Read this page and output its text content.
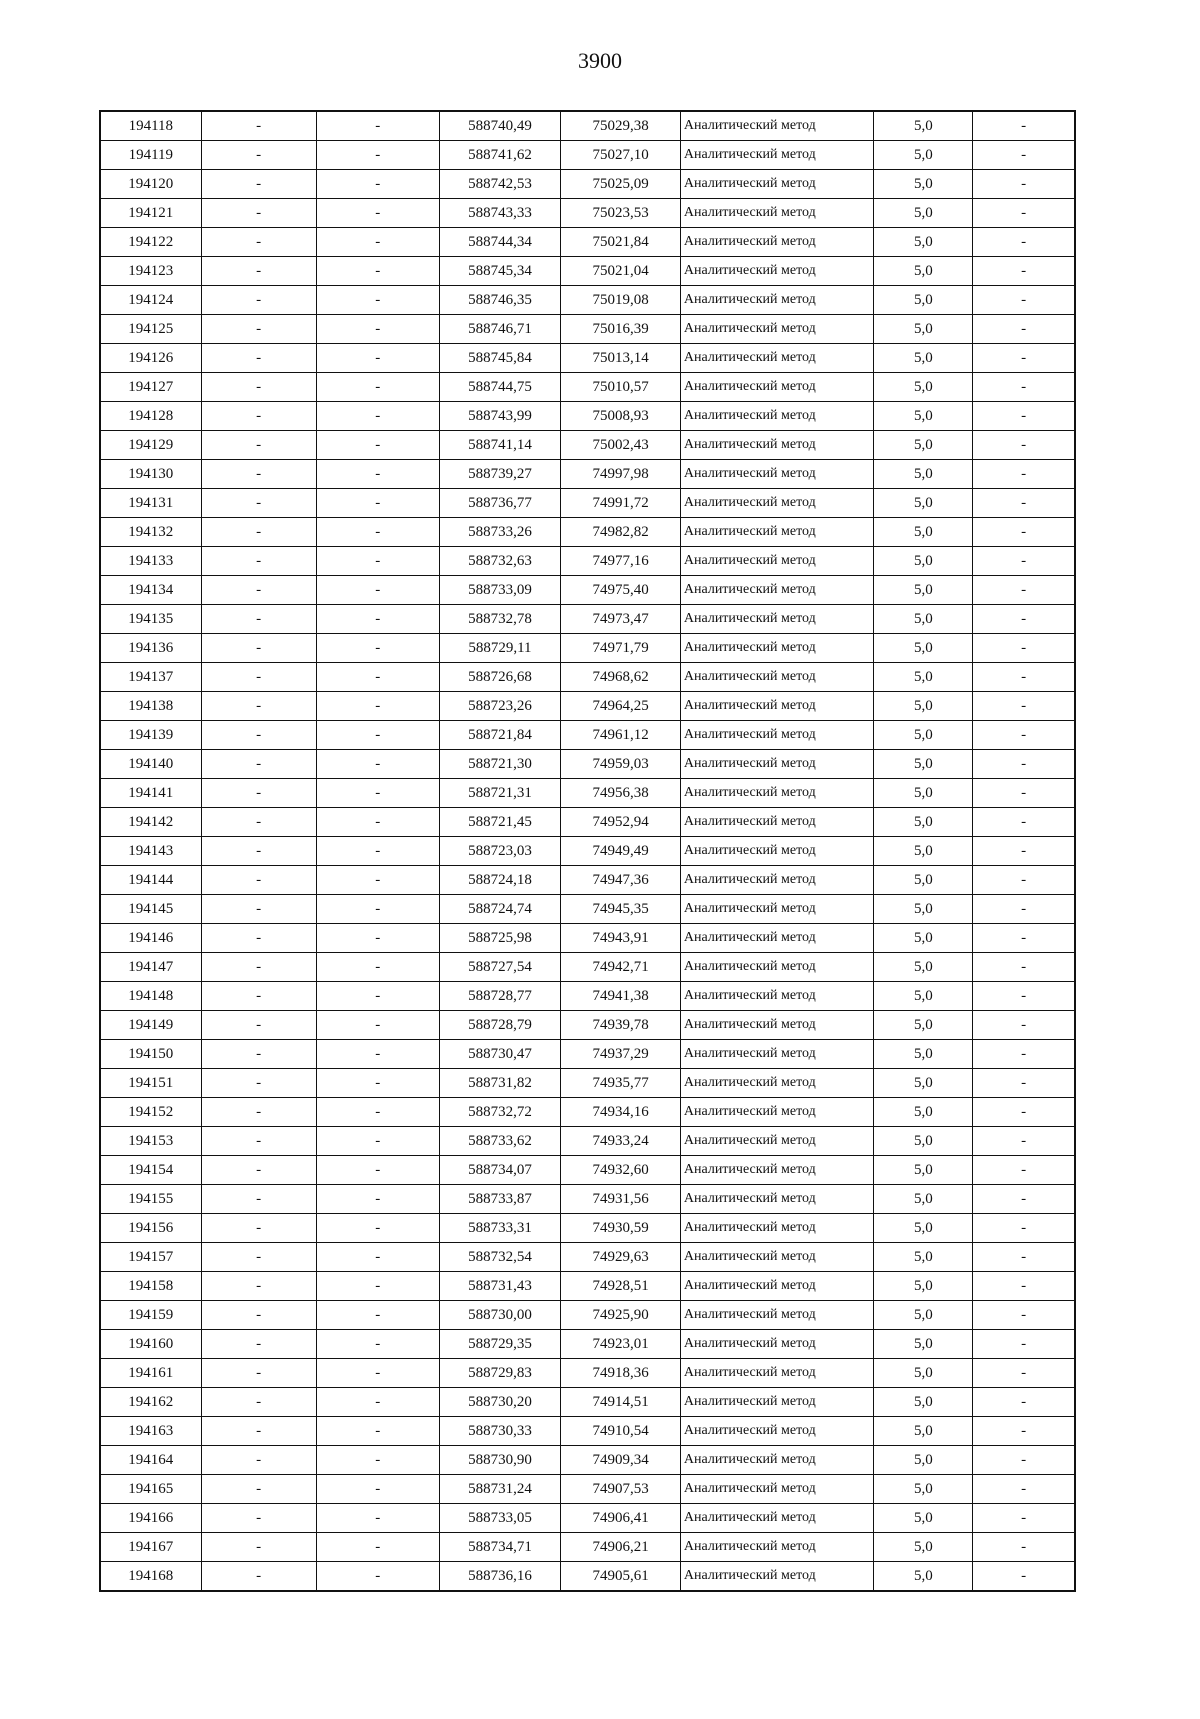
3900
194118	-	-	588740,49	75029,38	Аналитический метод	5,0	-
194119	-	-	588741,62	75027,10	Аналитический метод	5,0	-
194120	-	-	588742,53	75025,09	Аналитический метод	5,0	-
194121	-	-	588743,33	75023,53	Аналитический метод	5,0	-
194122	-	-	588744,34	75021,84	Аналитический метод	5,0	-
194123	-	-	588745,34	75021,04	Аналитический метод	5,0	-
194124	-	-	588746,35	75019,08	Аналитический метод	5,0	-
194125	-	-	588746,71	75016,39	Аналитический метод	5,0	-
194126	-	-	588745,84	75013,14	Аналитический метод	5,0	-
194127	-	-	588744,75	75010,57	Аналитический метод	5,0	-
194128	-	-	588743,99	75008,93	Аналитический метод	5,0	-
194129	-	-	588741,14	75002,43	Аналитический метод	5,0	-
194130	-	-	588739,27	74997,98	Аналитический метод	5,0	-
194131	-	-	588736,77	74991,72	Аналитический метод	5,0	-
194132	-	-	588733,26	74982,82	Аналитический метод	5,0	-
194133	-	-	588732,63	74977,16	Аналитический метод	5,0	-
194134	-	-	588733,09	74975,40	Аналитический метод	5,0	-
194135	-	-	588732,78	74973,47	Аналитический метод	5,0	-
194136	-	-	588729,11	74971,79	Аналитический метод	5,0	-
194137	-	-	588726,68	74968,62	Аналитический метод	5,0	-
194138	-	-	588723,26	74964,25	Аналитический метод	5,0	-
194139	-	-	588721,84	74961,12	Аналитический метод	5,0	-
194140	-	-	588721,30	74959,03	Аналитический метод	5,0	-
194141	-	-	588721,31	74956,38	Аналитический метод	5,0	-
194142	-	-	588721,45	74952,94	Аналитический метод	5,0	-
194143	-	-	588723,03	74949,49	Аналитический метод	5,0	-
194144	-	-	588724,18	74947,36	Аналитический метод	5,0	-
194145	-	-	588724,74	74945,35	Аналитический метод	5,0	-
194146	-	-	588725,98	74943,91	Аналитический метод	5,0	-
194147	-	-	588727,54	74942,71	Аналитический метод	5,0	-
194148	-	-	588728,77	74941,38	Аналитический метод	5,0	-
194149	-	-	588728,79	74939,78	Аналитический метод	5,0	-
194150	-	-	588730,47	74937,29	Аналитический метод	5,0	-
194151	-	-	588731,82	74935,77	Аналитический метод	5,0	-
194152	-	-	588732,72	74934,16	Аналитический метод	5,0	-
194153	-	-	588733,62	74933,24	Аналитический метод	5,0	-
194154	-	-	588734,07	74932,60	Аналитический метод	5,0	-
194155	-	-	588733,87	74931,56	Аналитический метод	5,0	-
194156	-	-	588733,31	74930,59	Аналитический метод	5,0	-
194157	-	-	588732,54	74929,63	Аналитический метод	5,0	-
194158	-	-	588731,43	74928,51	Аналитический метод	5,0	-
194159	-	-	588730,00	74925,90	Аналитический метод	5,0	-
194160	-	-	588729,35	74923,01	Аналитический метод	5,0	-
194161	-	-	588729,83	74918,36	Аналитический метод	5,0	-
194162	-	-	588730,20	74914,51	Аналитический метод	5,0	-
194163	-	-	588730,33	74910,54	Аналитический метод	5,0	-
194164	-	-	588730,90	74909,34	Аналитический метод	5,0	-
194165	-	-	588731,24	74907,53	Аналитический метод	5,0	-
194166	-	-	588733,05	74906,41	Аналитический метод	5,0	-
194167	-	-	588734,71	74906,21	Аналитический метод	5,0	-
194168	-	-	588736,16	74905,61	Аналитический метод	5,0	-
